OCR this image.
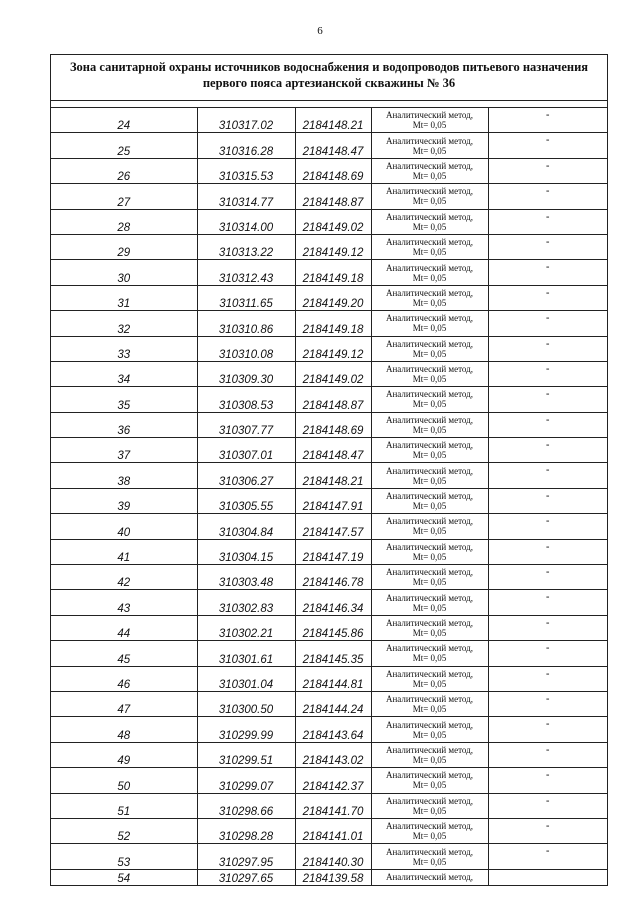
6
Зона санитарной охраны источников водоснабжения и водопроводов питьевого назначения
первого пояса артезианской скважины № 36
24	310317.02	2184148.21	Аналитический метод,
Mt= 0,05	-
25	310316.28	2184148.47	Аналитический метод,
Mt= 0,05	-
26	310315.53	2184148.69	Аналитический метод,
Mt= 0,05	-
27	310314.77	2184148.87	Аналитический метод,
Mt= 0,05	-
28	310314.00	2184149.02	Аналитический метод,
Mt= 0,05	-
29	310313.22	2184149.12	Аналитический метод,
Mt= 0,05	-
30	310312.43	2184149.18	Аналитический метод,
Mt= 0,05	-
31	310311.65	2184149.20	Аналитический метод,
Mt= 0,05	-
32	310310.86	2184149.18	Аналитический метод,
Mt= 0,05	-
33	310310.08	2184149.12	Аналитический метод,
Mt= 0,05	-
34	310309.30	2184149.02	Аналитический метод,
Mt= 0,05	-
35	310308.53	2184148.87	Аналитический метод,
Mt= 0,05	-
36	310307.77	2184148.69	Аналитический метод,
Mt= 0,05	-
37	310307.01	2184148.47	Аналитический метод,
Mt= 0,05	-
38	310306.27	2184148.21	Аналитический метод,
Mt= 0,05	-
39	310305.55	2184147.91	Аналитический метод,
Mt= 0,05	-
40	310304.84	2184147.57	Аналитический метод,
Mt= 0,05	-
41	310304.15	2184147.19	Аналитический метод,
Mt= 0,05	-
42	310303.48	2184146.78	Аналитический метод,
Mt= 0,05	-
43	310302.83	2184146.34	Аналитический метод,
Mt= 0,05	-
44	310302.21	2184145.86	Аналитический метод,
Mt= 0,05	-
45	310301.61	2184145.35	Аналитический метод,
Mt= 0,05	-
46	310301.04	2184144.81	Аналитический метод,
Mt= 0,05	-
47	310300.50	2184144.24	Аналитический метод,
Mt= 0,05	-
48	310299.99	2184143.64	Аналитический метод,
Mt= 0,05	-
49	310299.51	2184143.02	Аналитический метод,
Mt= 0,05	-
50	310299.07	2184142.37	Аналитический метод,
Mt= 0,05	-
51	310298.66	2184141.70	Аналитический метод,
Mt= 0,05	-
52	310298.28	2184141.01	Аналитический метод,
Mt= 0,05	-
53	310297.95	2184140.30	Аналитический метод,
Mt= 0,05	-
54	310297.65	2184139.58	Аналитический метод,	
